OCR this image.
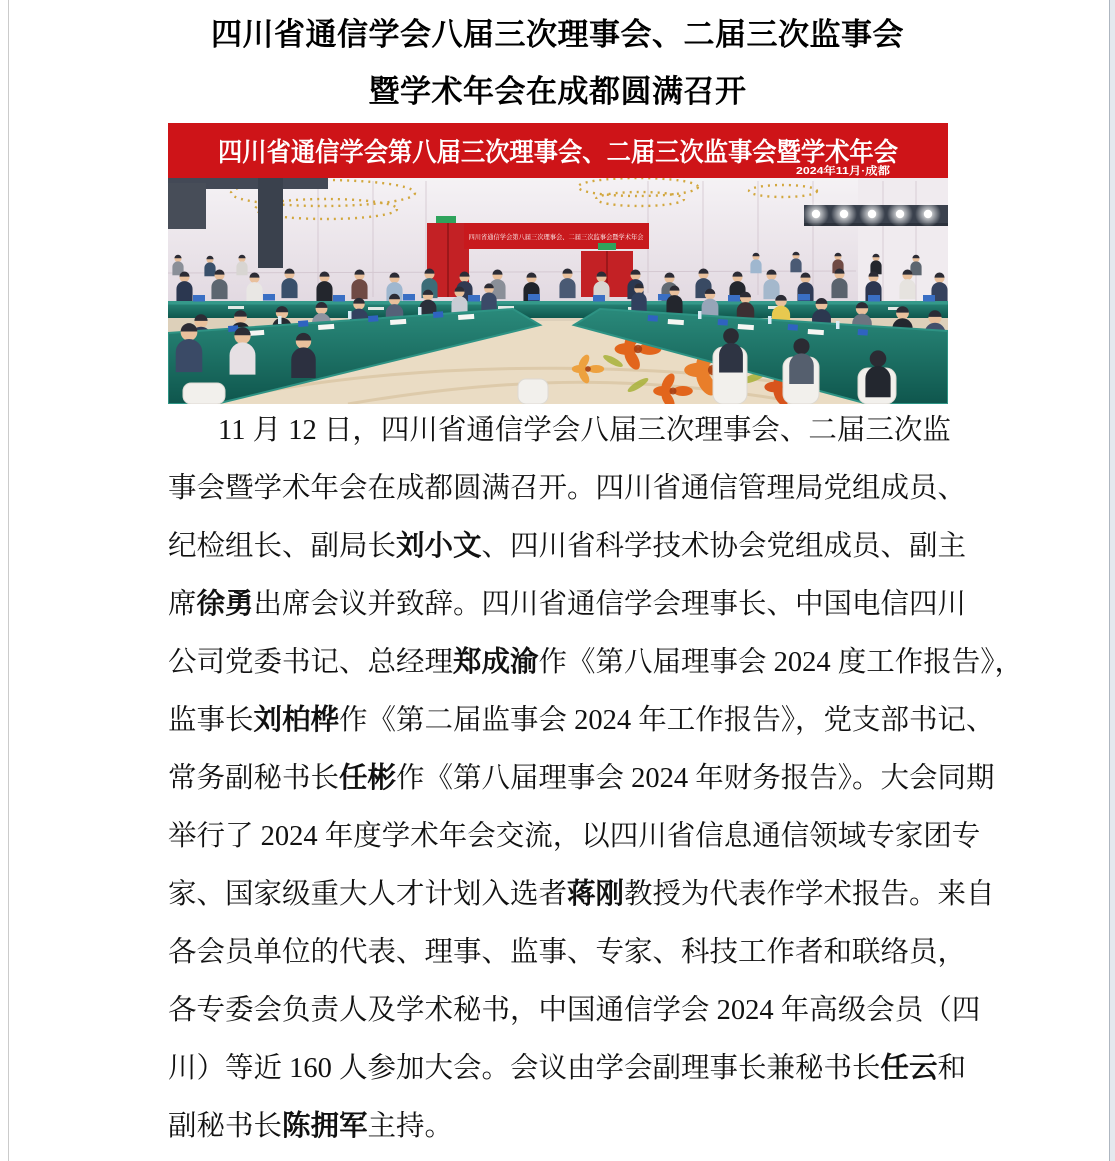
四川省通信学会八届三次理事会、二届三次监事会
暨学术年会在成都圆满召开
四川省通信学会第八届三次理事会、二届三次监事会暨学术年会
四川省通信学会第八届三次理事会、二届三次监事会暨学术年会
2024年11月·成都
11 月 12 日，四川省通信学会八届三次理事会、二届三次监
事会暨学术年会在成都圆满召开。四川省通信管理局党组成员、
纪检组长、副局长刘小文、四川省科学技术协会党组成员、副主
席徐勇出席会议并致辞。四川省通信学会理事长、中国电信四川
公司党委书记、总经理郑成渝作《第八届理事会 2024 度工作报告》，
监事长刘柏桦作《第二届监事会 2024 年工作报告》，党支部书记、
常务副秘书长任彬作《第八届理事会 2024 年财务报告》。大会同期
举行了 2024 年度学术年会交流，以四川省信息通信领域专家团专
家、国家级重大人才计划入选者蒋刚教授为代表作学术报告。来自
各会员单位的代表、理事、监事、专家、科技工作者和联络员，
各专委会负责人及学术秘书，中国通信学会 2024 年高级会员（四
川）等近 160 人参加大会。会议由学会副理事长兼秘书长任云和
副秘书长陈拥军主持。
